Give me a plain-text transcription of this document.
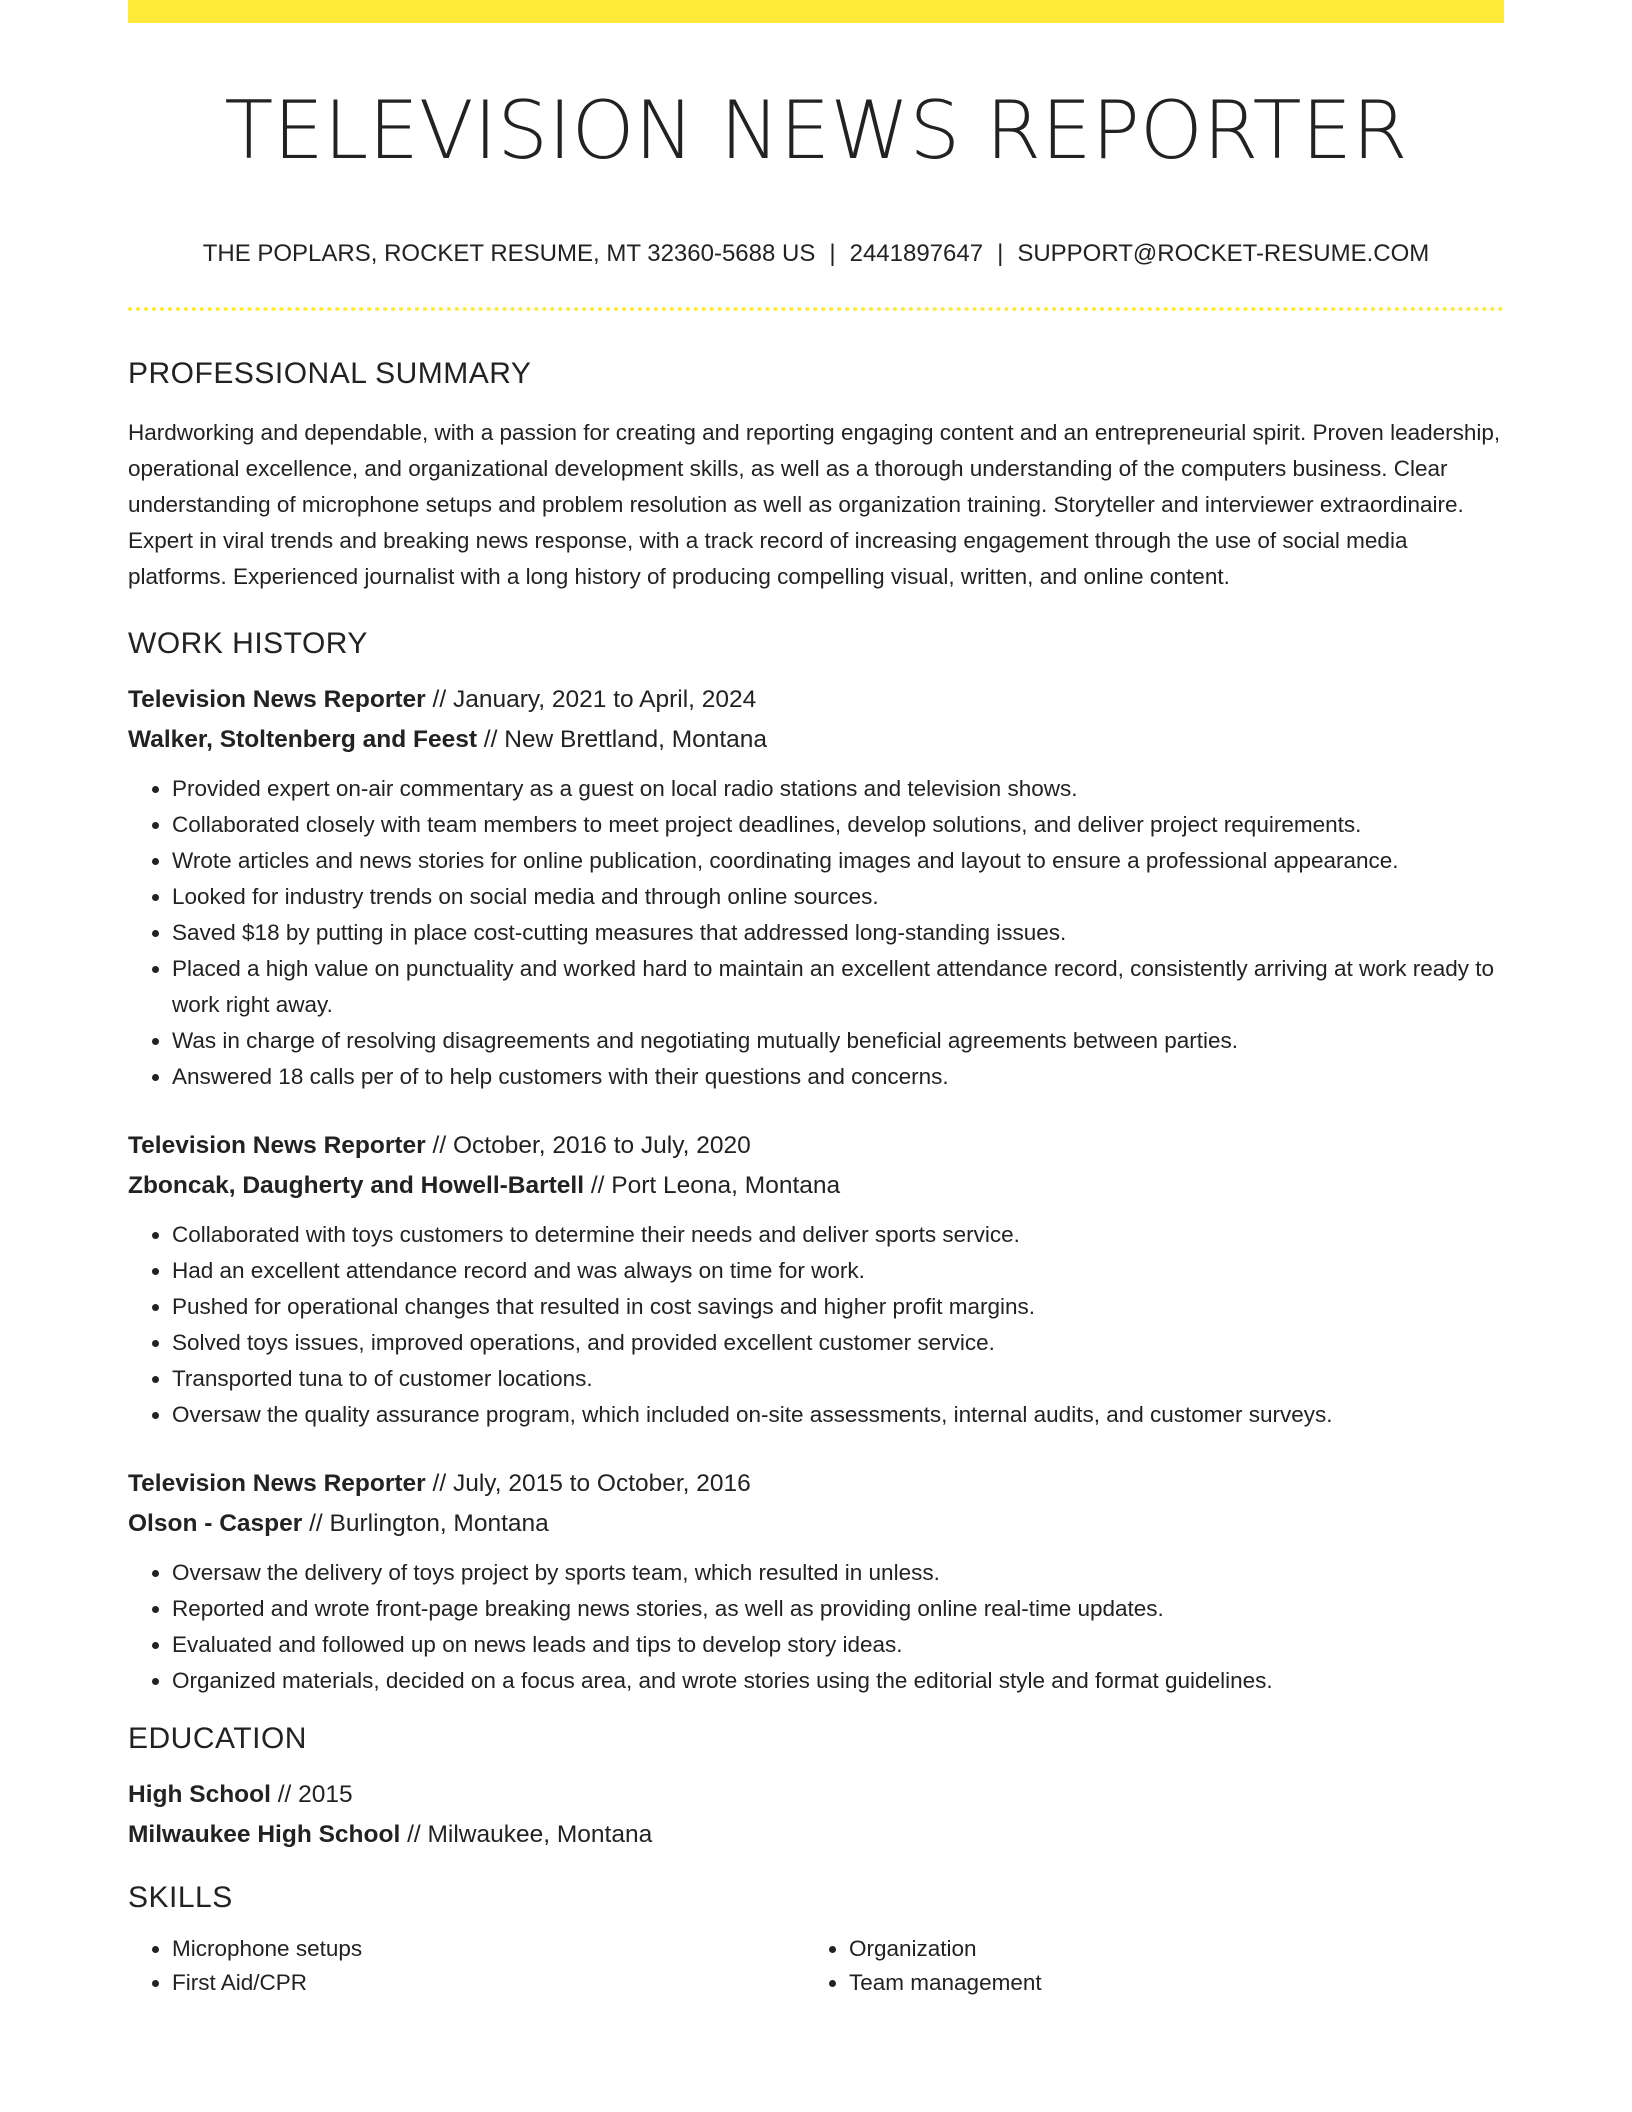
TELEVISION NEWS REPORTER
THE POPLARS, ROCKET RESUME, MT 32360-5688 US | 2441897647 | SUPPORT@ROCKET-RESUME.COM
PROFESSIONAL SUMMARY

Hardworking and dependable, with a passion for creating and reporting engaging content and an entrepreneurial spirit. Proven leadership, operational excellence, and organizational development skills, as well as a thorough understanding of the computers business. Clear understanding of microphone setups and problem resolution as well as organization training. Storyteller and interviewer extraordinaire. Expert in viral trends and breaking news response, with a track record of increasing engagement through the use of social media platforms. Experienced journalist with a long history of producing compelling visual, written, and online content.

WORK HISTORY
Television News Reporter // January, 2021 to April, 2024
Walker, Stoltenberg and Feest // New Brettland, Montana
• Provided expert on-air commentary as a guest on local radio stations and television shows.
• Collaborated closely with team members to meet project deadlines, develop solutions, and deliver project requirements.
• Wrote articles and news stories for online publication, coordinating images and layout to ensure a professional appearance.
• Looked for industry trends on social media and through online sources.
• Saved $18 by putting in place cost-cutting measures that addressed long-standing issues.
• Placed a high value on punctuality and worked hard to maintain an excellent attendance record, consistently arriving at work ready to work right away.
• Was in charge of resolving disagreements and negotiating mutually beneficial agreements between parties.
• Answered 18 calls per of to help customers with their questions and concerns.
Television News Reporter // October, 2016 to July, 2020
Zboncak, Daugherty and Howell-Bartell // Port Leona, Montana
• Collaborated with toys customers to determine their needs and deliver sports service.
• Had an excellent attendance record and was always on time for work.
• Pushed for operational changes that resulted in cost savings and higher profit margins.
• Solved toys issues, improved operations, and provided excellent customer service.
• Transported tuna to of customer locations.
• Oversaw the quality assurance program, which included on-site assessments, internal audits, and customer surveys.
Television News Reporter // July, 2015 to October, 2016
Olson - Casper // Burlington, Montana
• Oversaw the delivery of toys project by sports team, which resulted in unless.
• Reported and wrote front-page breaking news stories, as well as providing online real-time updates.
• Evaluated and followed up on news leads and tips to develop story ideas.
• Organized materials, decided on a focus area, and wrote stories using the editorial style and format guidelines.
EDUCATION
High School // 2015
Milwaukee High School // Milwaukee, Montana
SKILLS
• Microphone setups
• First Aid/CPR
• Organization
• Team management
